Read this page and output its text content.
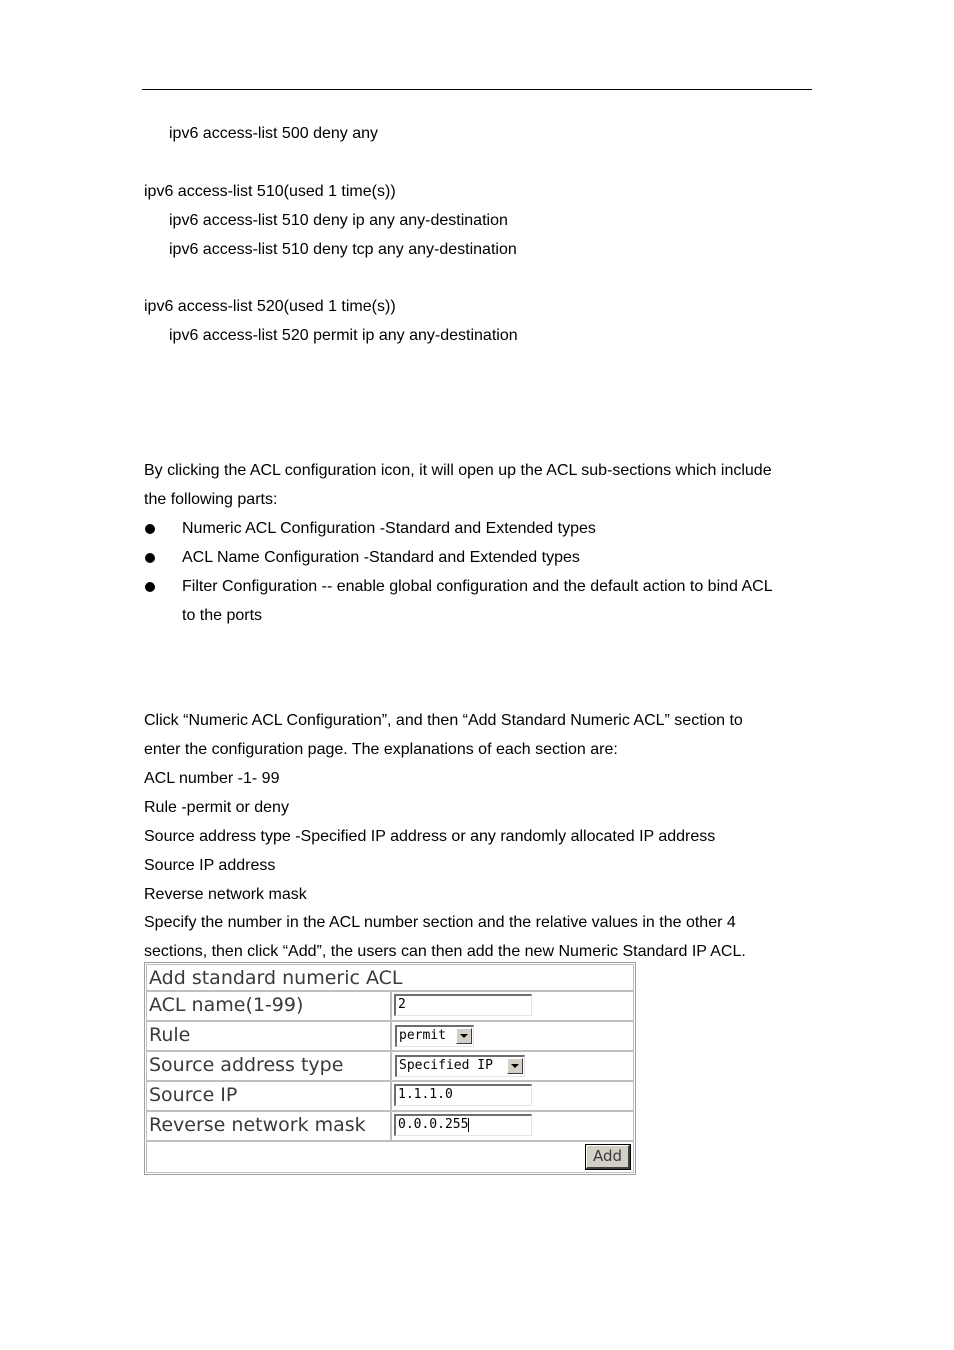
ipv6 access-list 500 deny any
ipv6 access-list 510(used 1 time(s))
ipv6 access-list 510 deny ip any any-destination
ipv6 access-list 510 deny tcp any any-destination
ipv6 access-list 520(used 1 time(s))
ipv6 access-list 520 permit ip any any-destination
By clicking the ACL configuration icon, it will open up the ACL sub-sections which include
the following parts:
Numeric ACL Configuration -Standard and Extended types
ACL Name Configuration -Standard and Extended types
Filter Configuration -- enable global configuration and the default action to bind ACL
to the ports
Click “Numeric ACL Configuration”, and then “Add Standard Numeric ACL” section to
enter the configuration page. The explanations of each section are:
ACL number -1- 99
Rule -permit or deny
Source address type -Specified IP address or any randomly allocated IP address
Source IP address
Reverse network mask
Specify the number in the ACL number section and the relative values in the other 4
sections, then click “Add”, the users can then add the new Numeric Standard IP ACL.
Add standard numeric ACL
ACL name(1-99)	2
Rule	permit
Source address type	Specified IP
Source IP	1.1.1.0
Reverse network mask	0.0.0.255
Add
